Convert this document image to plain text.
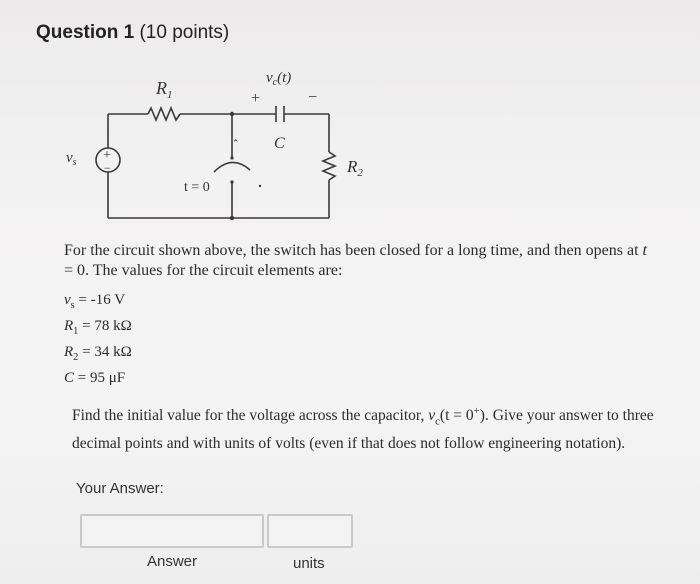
Question 1 (10 points)
⌃
$R_1$
$v_c(t)$
+	−
C
$R_2$
$v_s$ +
−
t = 0
For the circuit shown above, the switch has been closed for a long time, and then opens at t
= 0. The values for the circuit elements are:
$v_s = -16$ V
$R_1 = 78$ kΩ
$R_2 = 34$ kΩ
C = 95 μF
Find the initial value for the voltage across the capacitor, $v_c(t = 0^+)$. Give your answer to three decimal points and with units of volts (even if that does not follow engineering notation).
Your Answer:
Answer	units
